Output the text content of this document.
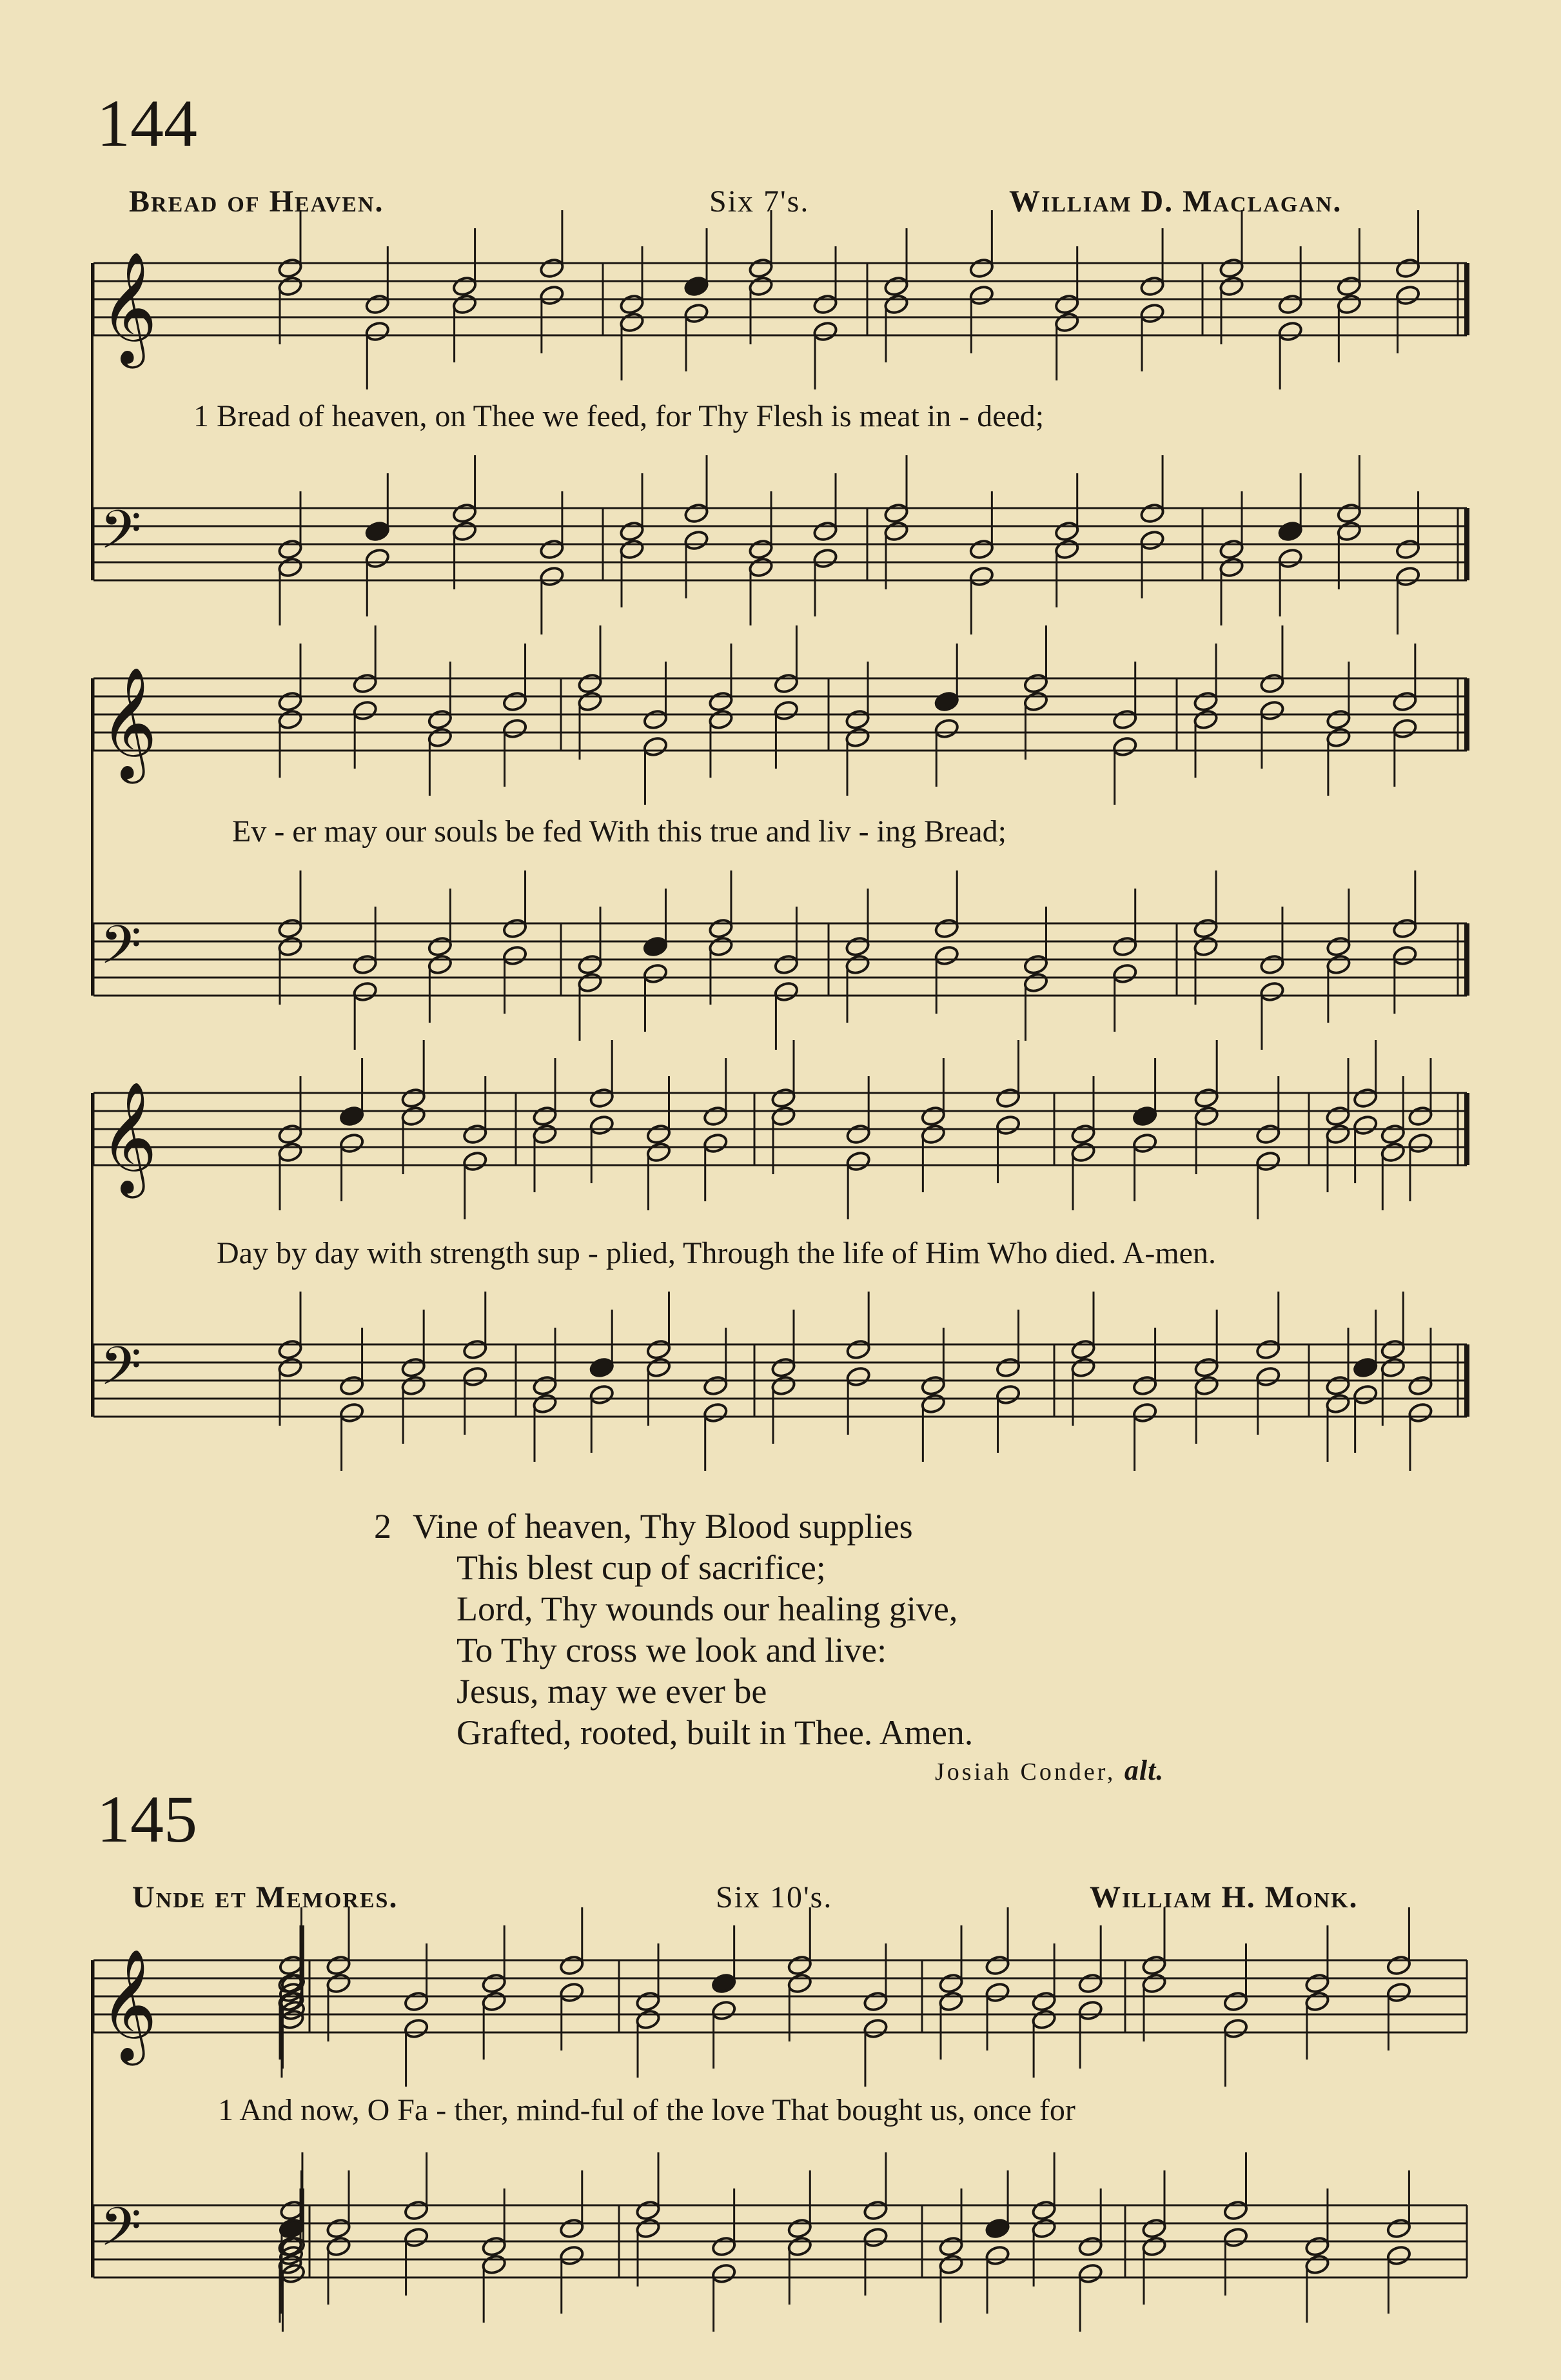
144
Bread of Heaven.	Six 7's.	William D. Maclagan.
𝄞
𝄢
𝄞
𝄢
𝄞
𝄢
𝄞
𝄢
1 Bread of heaven, on Thee we feed, for Thy Flesh is meat in - deed;
Ev - er may our souls be fed With this true and liv - ing Bread;
Day by day with strength sup - plied, Through the life of Him Who died. A-men.
2 Vine of heaven, Thy Blood supplies
This blest cup of sacrifice;
Lord, Thy wounds our healing give,
To Thy cross we look and live:
Jesus, may we ever be
Grafted, rooted, built in Thee. Amen.
Josiah Conder, alt.
145
Unde et Memores.	Six 10's.	William H. Monk.
1 And now, O Fa - ther, mind-ful of the love That bought us, once for
